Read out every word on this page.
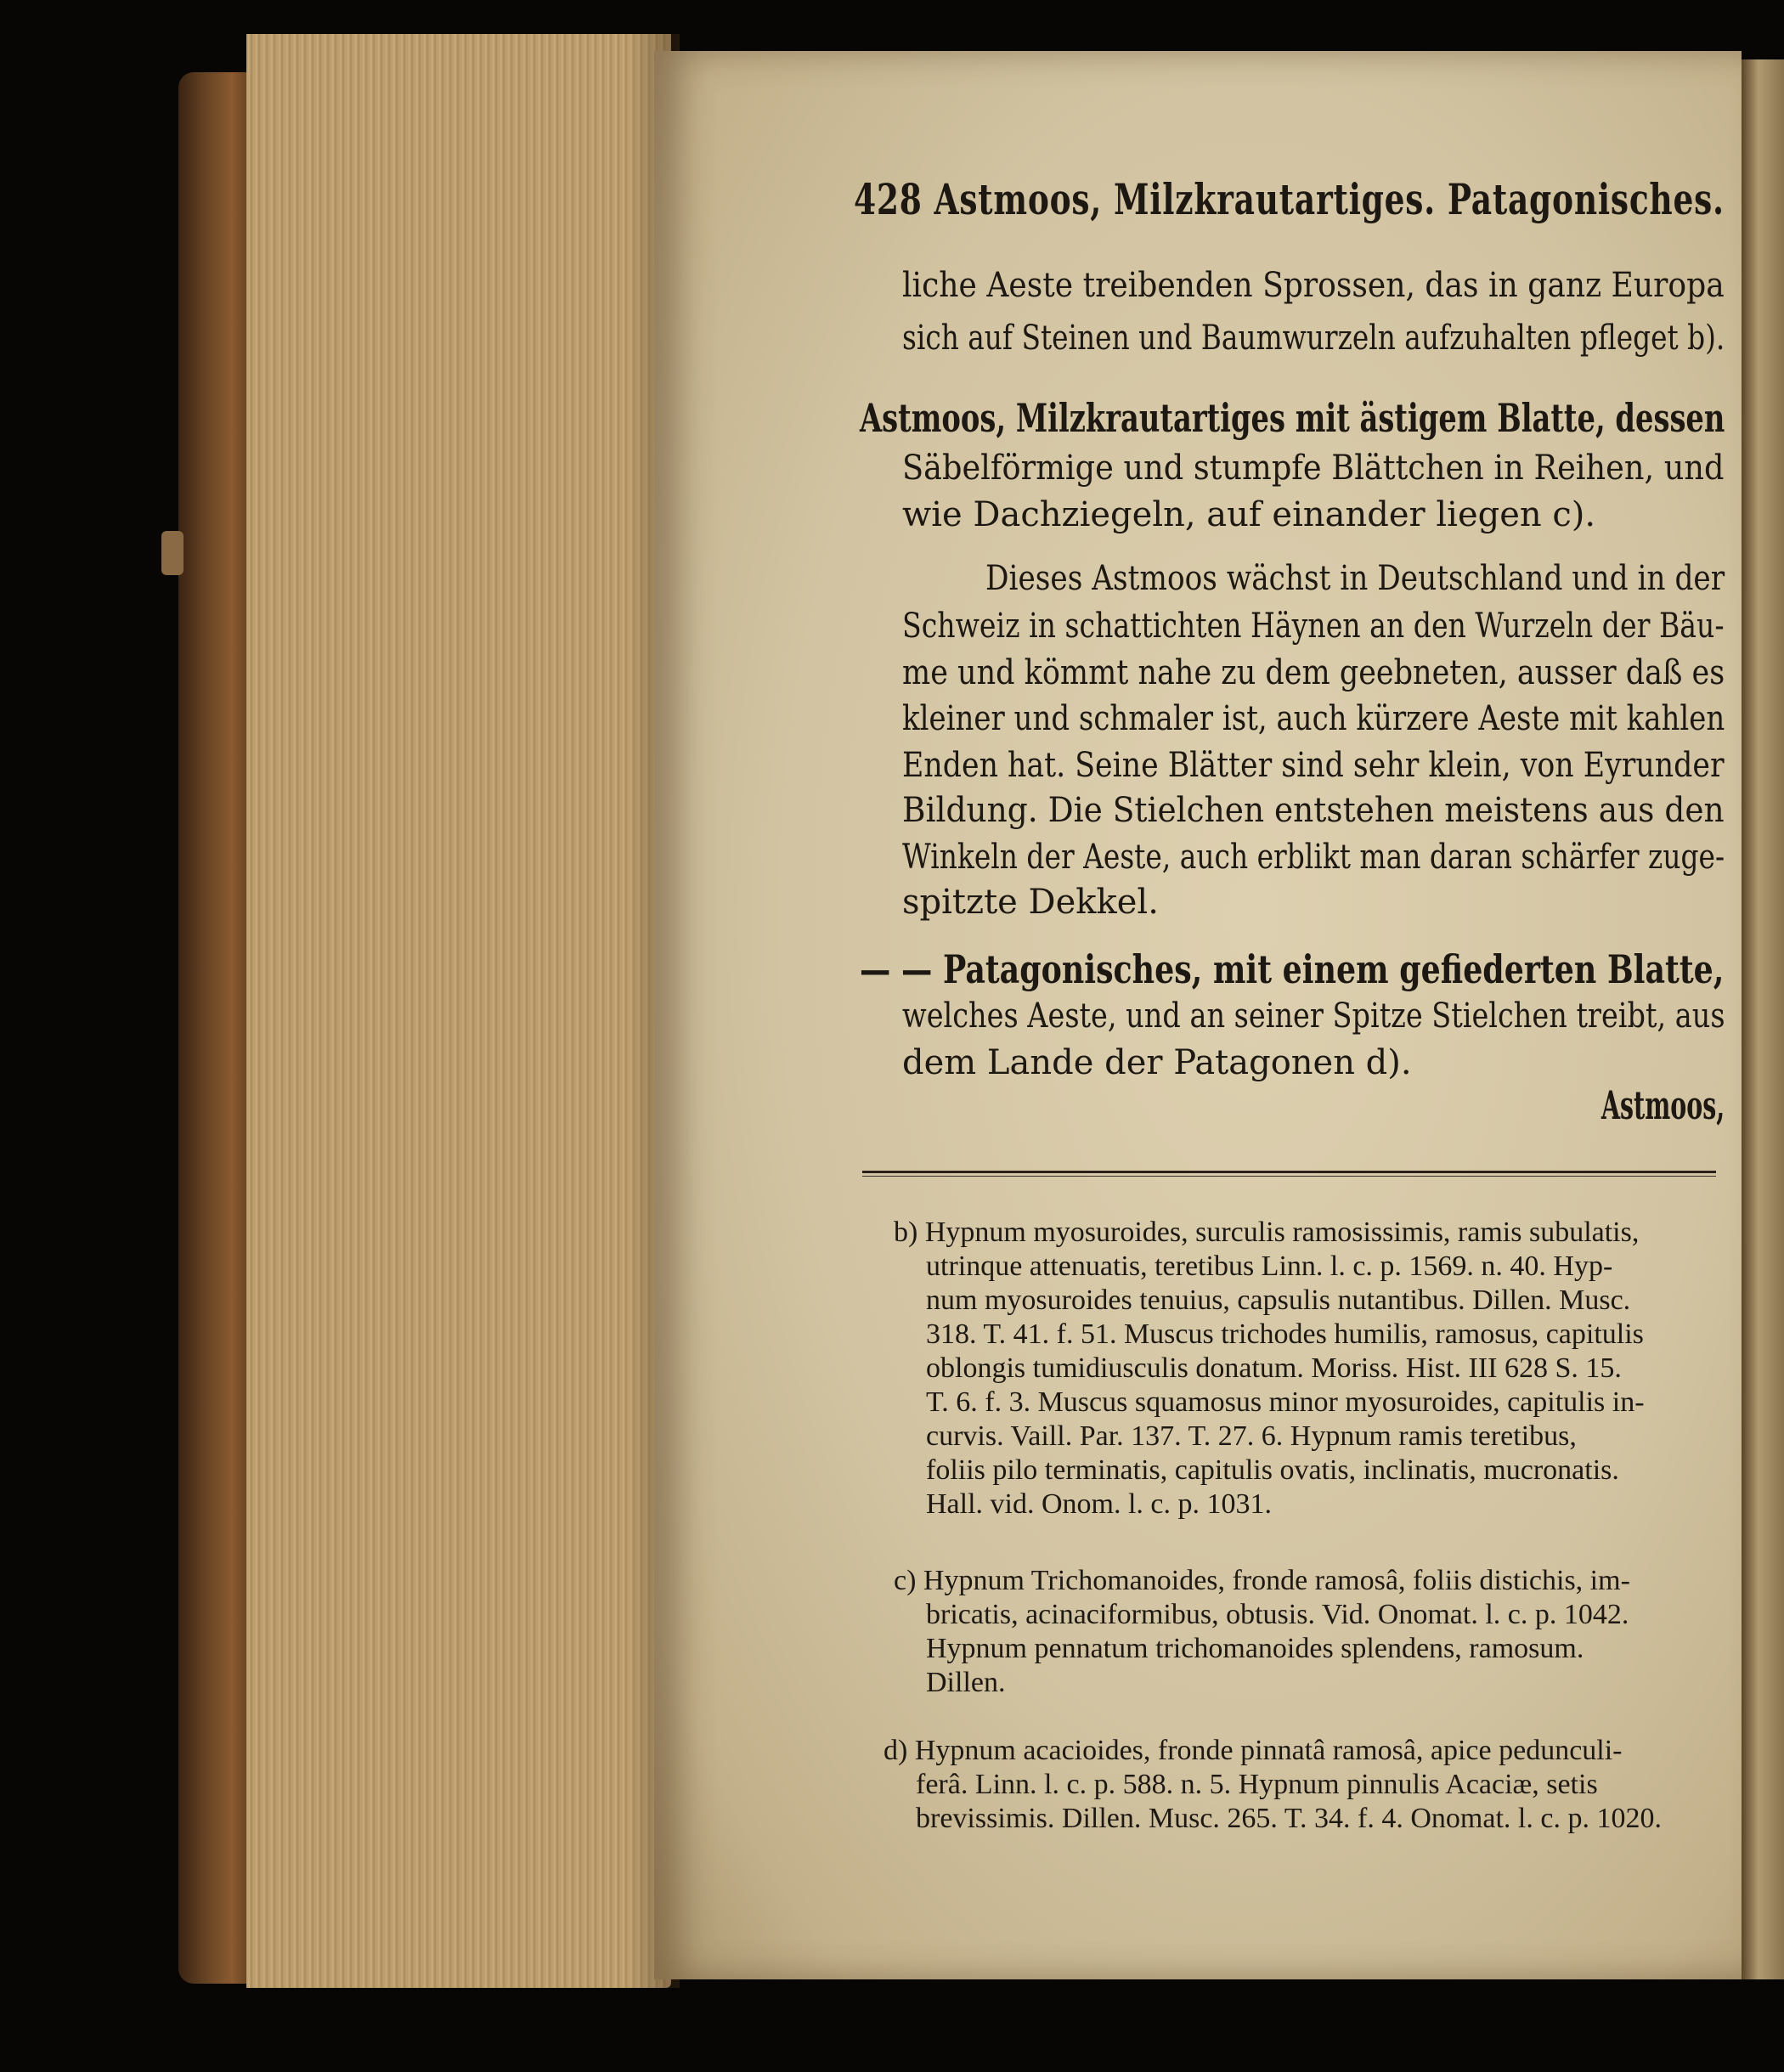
428 Astmoos, Milzkrautartiges. Patagonisches.
liche Aeste treibenden Sprossen, das in ganz Europa
sich auf Steinen und Baumwurzeln aufzuhalten pfleget b).
Astmoos, Milzkrautartiges mit ästigem Blatte, dessen
Säbelförmige und stumpfe Blättchen in Reihen, und
wie Dachziegeln, auf einander liegen c).
Dieses Astmoos wächst in Deutschland und in der
Schweiz in schattichten Häynen an den Wurzeln der Bäu-
me und kömmt nahe zu dem geebneten, ausser daß es
kleiner und schmaler ist, auch kürzere Aeste mit kahlen
Enden hat. Seine Blätter sind sehr klein, von Eyrunder
Bildung. Die Stielchen entstehen meistens aus den
Winkeln der Aeste, auch erblikt man daran schärfer zuge-
spitzte Dekkel.
— — Patagonisches, mit einem gefiederten Blatte,
welches Aeste, und an seiner Spitze Stielchen treibt, aus
dem Lande der Patagonen d).
Astmoos,
b) Hypnum myosuroides, surculis ramosissimis, ramis subulatis,
utrinque attenuatis, teretibus Linn. l. c. p. 1569. n. 40. Hyp-
num myosuroides tenuius, capsulis nutantibus. Dillen. Musc.
318. T. 41. f. 51. Muscus trichodes humilis, ramosus, capitulis
oblongis tumidiusculis donatum. Moriss. Hist. III 628 S. 15.
T. 6. f. 3. Muscus squamosus minor myosuroides, capitulis in-
curvis. Vaill. Par. 137. T. 27. 6. Hypnum ramis teretibus,
foliis pilo terminatis, capitulis ovatis, inclinatis, mucronatis.
Hall. vid. Onom. l. c. p. 1031.
c) Hypnum Trichomanoides, fronde ramosâ, foliis distichis, im-
bricatis, acinaciformibus, obtusis. Vid. Onomat. l. c. p. 1042.
Hypnum pennatum trichomanoides splendens, ramosum.
Dillen.
d) Hypnum acacioides, fronde pinnatâ ramosâ, apice pedunculi-
ferâ. Linn. l. c. p. 588. n. 5. Hypnum pinnulis Acaciæ, setis
brevissimis. Dillen. Musc. 265. T. 34. f. 4. Onomat. l. c. p. 1020.
